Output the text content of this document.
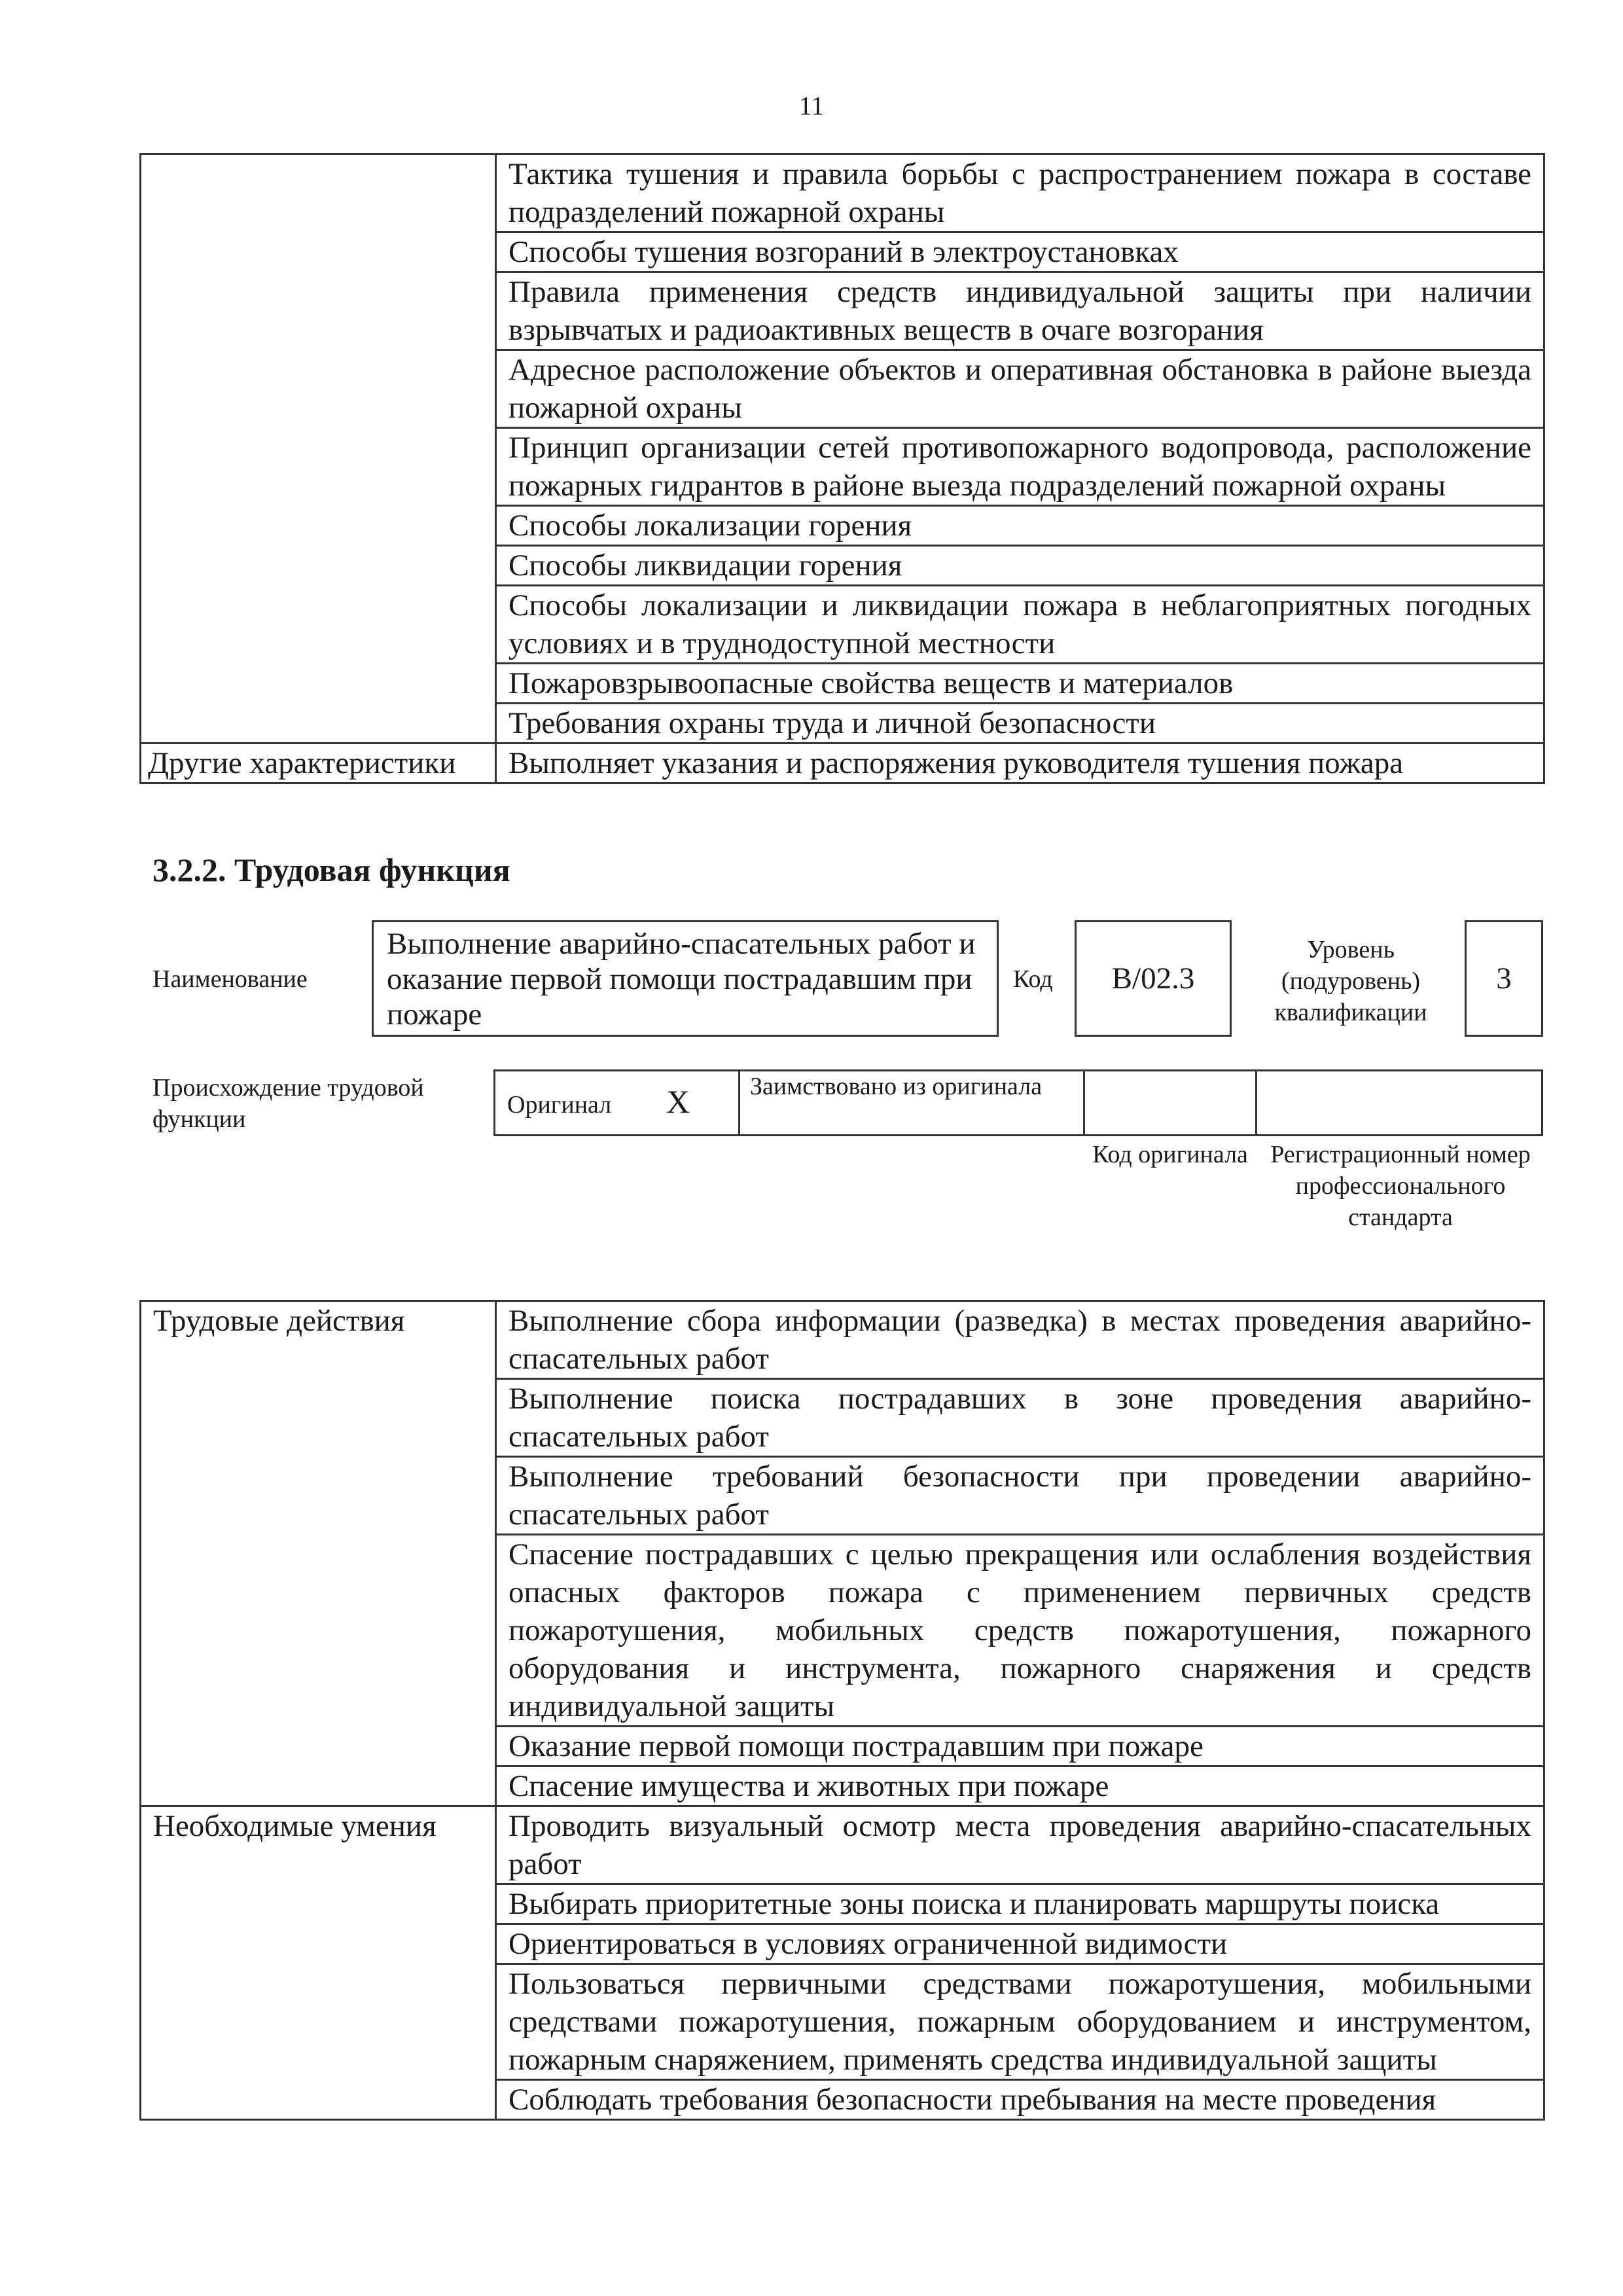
11
	Тактика тушения и правила борьбы с распространением пожара в составе подразделений пожарной охраны
	Способы тушения возгораний в электроустановках
	Правила применения средств индивидуальной защиты при наличии взрывчатых и радиоактивных веществ в очаге возгорания
	Адресное расположение объектов и оперативная обстановка в районе выезда пожарной охраны
	Принцип организации сетей противопожарного водопровода, расположение пожарных гидрантов в районе выезда подразделений пожарной охраны
	Способы локализации горения
	Способы ликвидации горения
	Способы локализации и ликвидации пожара в неблагоприятных погодных условиях и в труднодоступной местности
	Пожаровзрывоопасные свойства веществ и материалов
	Требования охраны труда и личной безопасности
Другие характеристики	Выполняет указания и распоряжения руководителя тушения пожара
3.2.2. Трудовая функция
Наименование
Выполнение аварийно-спасательных работ и оказание первой помощи пострадавшим при пожаре
Код	B/02.3
Уровень (подуровень) квалификации
3
Происхождение трудовой функции
Оригинал X Заимствовано из оригинала
Код оригинала Регистрационный номер профессионального стандарта
Трудовые действия	Выполнение сбора информации (разведка) в местах проведения аварийно-спасательных работ
	Выполнение поиска пострадавших в зоне проведения аварийно-спасательных работ
	Выполнение требований безопасности при проведении аварийно-спасательных работ
	Спасение пострадавших с целью прекращения или ослабления воздействия опасных факторов пожара с применением первичных средств пожаротушения, мобильных средств пожаротушения, пожарного оборудования и инструмента, пожарного снаряжения и средств индивидуальной защиты
	Оказание первой помощи пострадавшим при пожаре
	Спасение имущества и животных при пожаре
Необходимые умения	Проводить визуальный осмотр места проведения аварийно-спасательных работ
	Выбирать приоритетные зоны поиска и планировать маршруты поиска
	Ориентироваться в условиях ограниченной видимости
	Пользоваться первичными средствами пожаротушения, мобильными средствами пожаротушения, пожарным оборудованием и инструментом, пожарным снаряжением, применять средства индивидуальной защиты
	Соблюдать требования безопасности пребывания на месте проведения
